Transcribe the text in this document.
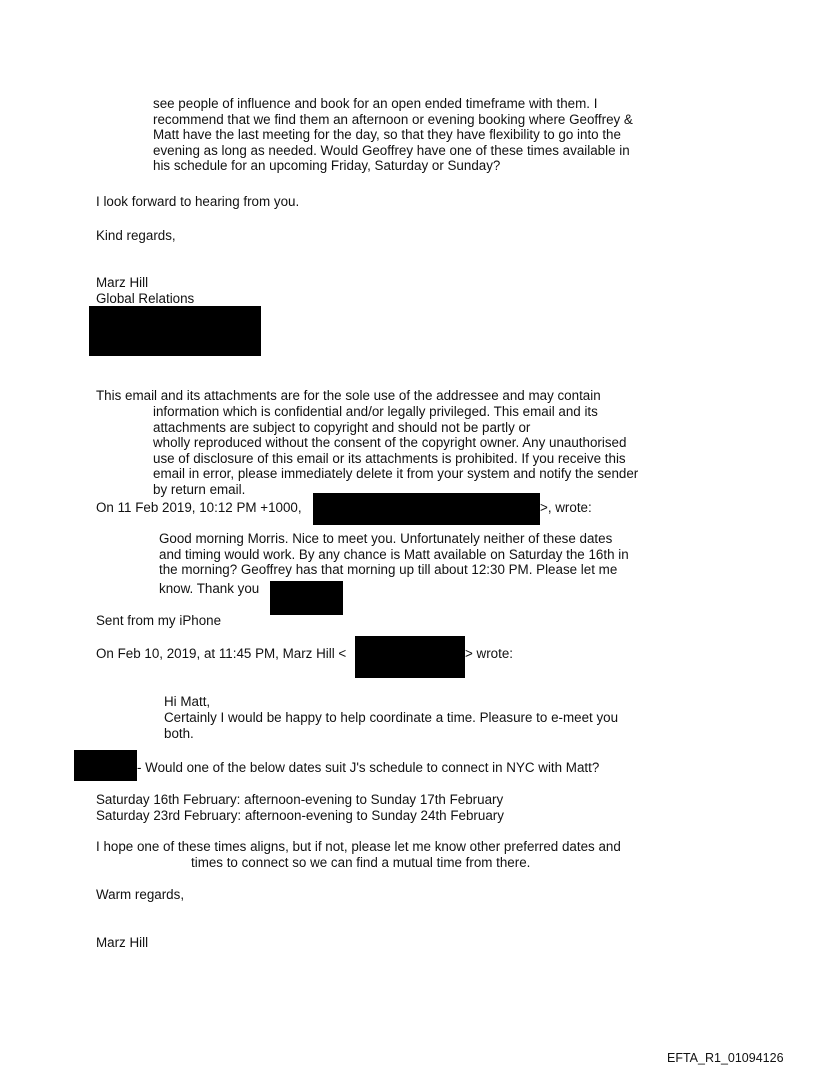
see people of influence and book for an open ended timeframe with them. I
recommend that we find them an afternoon or evening booking where Geoffrey &
Matt have the last meeting for the day, so that they have flexibility to go into the
evening as long as needed. Would Geoffrey have one of these times available in
his schedule for an upcoming Friday, Saturday or Sunday?

I look forward to hearing from you.

Kind regards,

Marz Hill

Global Relations

This email and its attachments are for the sole use of the addressee and may contain

information which is confidential and/or legally privileged. This email and its
attachments are subject to copyright and should not be partly or
wholly reproduced without the consent of the copyright owner. Any unauthorised
use of disclosure of this email or its attachments is prohibited. If you receive this
email in error, please immediately delete it from your system and notify the sender
by return email.

On 11 Feb 2019, 10:12 PM +1000,	>, wrote:

Good morning Morris. Nice to meet you. Unfortunately neither of these dates
and timing would work. By any chance is Matt available on Saturday the 16th in
the morning? Geoffrey has that morning up till about 12:30 PM. Please let me

know. Thank you

Sent from my iPhone

On Feb 10, 2019, at 11:45 PM, Marz Hill <	> wrote:

Hi Matt,

Certainly I would be happy to help coordinate a time. Pleasure to e-meet you
both.

- Would one of the below dates suit J's schedule to connect in NYC with Matt?

Saturday 16th February: afternoon-evening to Sunday 17th February

Saturday 23rd February: afternoon-evening to Sunday 24th February

I hope one of these times aligns, but if not, please let me know other preferred dates and

times to connect so we can find a mutual time from there.

Warm regards,

Marz Hill

EFTA_R1_01094126
